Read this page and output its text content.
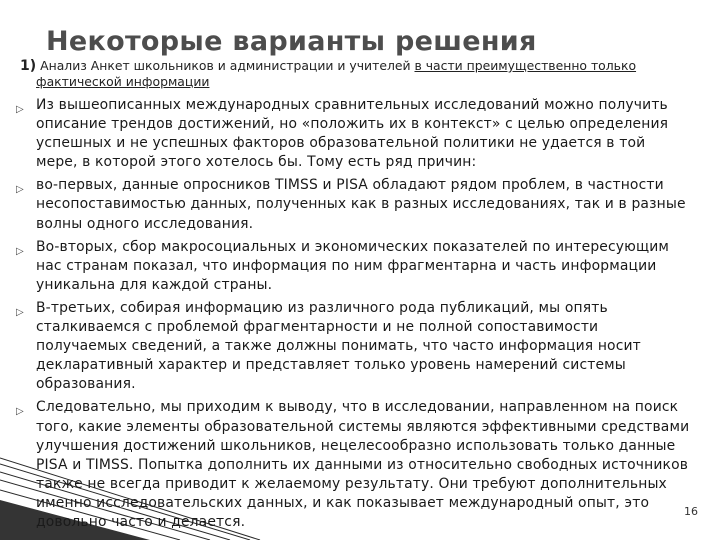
Некоторые варианты решения
1) Анализ Анкет школьников и администрации и учителей в части преимущественно только
фактической информации
▷ Из вышеописанных международных сравнительных исследований можно получить описание трендов достижений, но «положить их в контекст» с целью определения успешных и не успешных факторов образовательной политики не удается в той мере, в которой этого хотелось бы. Тому есть ряд причин:
▷ во-первых, данные опросников TIMSS и PISA обладают рядом проблем, в частности несопоставимостью данных, полученных как в разных исследованиях, так и в разные волны одного исследования.
▷ Во-вторых, сбор макросоциальных и экономических показателей по интересующим нас странам показал, что информация по ним фрагментарна и часть информации уникальна для каждой страны.
▷ В-третьих, собирая информацию из различного рода публикаций, мы опять сталкиваемся с проблемой фрагментарности и не полной сопоставимости получаемых сведений, а также должны понимать, что часто информация носит декларативный характер и представляет только уровень намерений системы образования.
▷ Следовательно, мы приходим к выводу, что в исследовании, направленном на поиск того, какие элементы образовательной системы являются эффективными средствами улучшения достижений школьников, нецелесообразно использовать только данные PISA и TIMSS. Попытка дополнить их данными из относительно свободных источников также не всегда приводит к желаемому результату. Они требуют дополнительных именно исследовательских данных, и как показывает международный опыт, это довольно часто и делается.
16
